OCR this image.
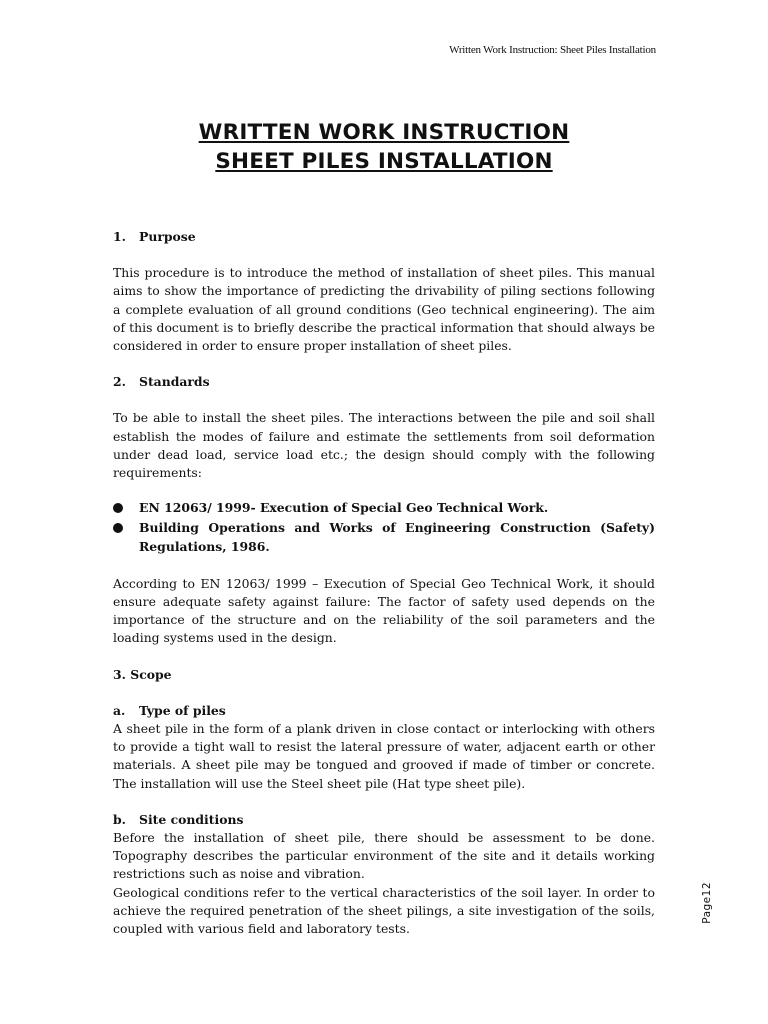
Written Work Instruction: Sheet Piles Installation
WRITTEN WORK INSTRUCTION
SHEET PILES INSTALLATION
1. Purpose

This procedure is to introduce the method of installation of sheet piles. This manual aims to show the importance of predicting the drivability of piling sections following a complete evaluation of all ground conditions (Geo technical engineering). The aim of this document is to briefly describe the practical information that should always be considered in order to ensure proper installation of sheet piles.

2. Standards

To be able to install the sheet piles. The interactions between the pile and soil shall establish the modes of failure and estimate the settlements from soil deformation under dead load, service load etc.; the design should comply with the following requirements:

EN 12063/ 1999- Execution of Special Geo Technical Work.
Building Operations and Works of Engineering Construction (Safety) Regulations, 1986.

According to EN 12063/ 1999 – Execution of Special Geo Technical Work, it should ensure adequate safety against failure: The factor of safety used depends on the importance of the structure and on the reliability of the soil parameters and the loading systems used in the design.

3. Scope
a. Type of piles

A sheet pile in the form of a plank driven in close contact or interlocking with others to provide a tight wall to resist the lateral pressure of water, adjacent earth or other materials. A sheet pile may be tongued and grooved if made of timber or concrete. The installation will use the Steel sheet pile (Hat type sheet pile).

b. Site conditions

Before the installation of sheet pile, there should be assessment to be done. Topography describes the particular environment of the site and it details working restrictions such as noise and vibration.

Geological conditions refer to the vertical characteristics of the soil layer. In order to achieve the required penetration of the sheet pilings, a site investigation of the soils, coupled with various field and laboratory tests.

Page12
